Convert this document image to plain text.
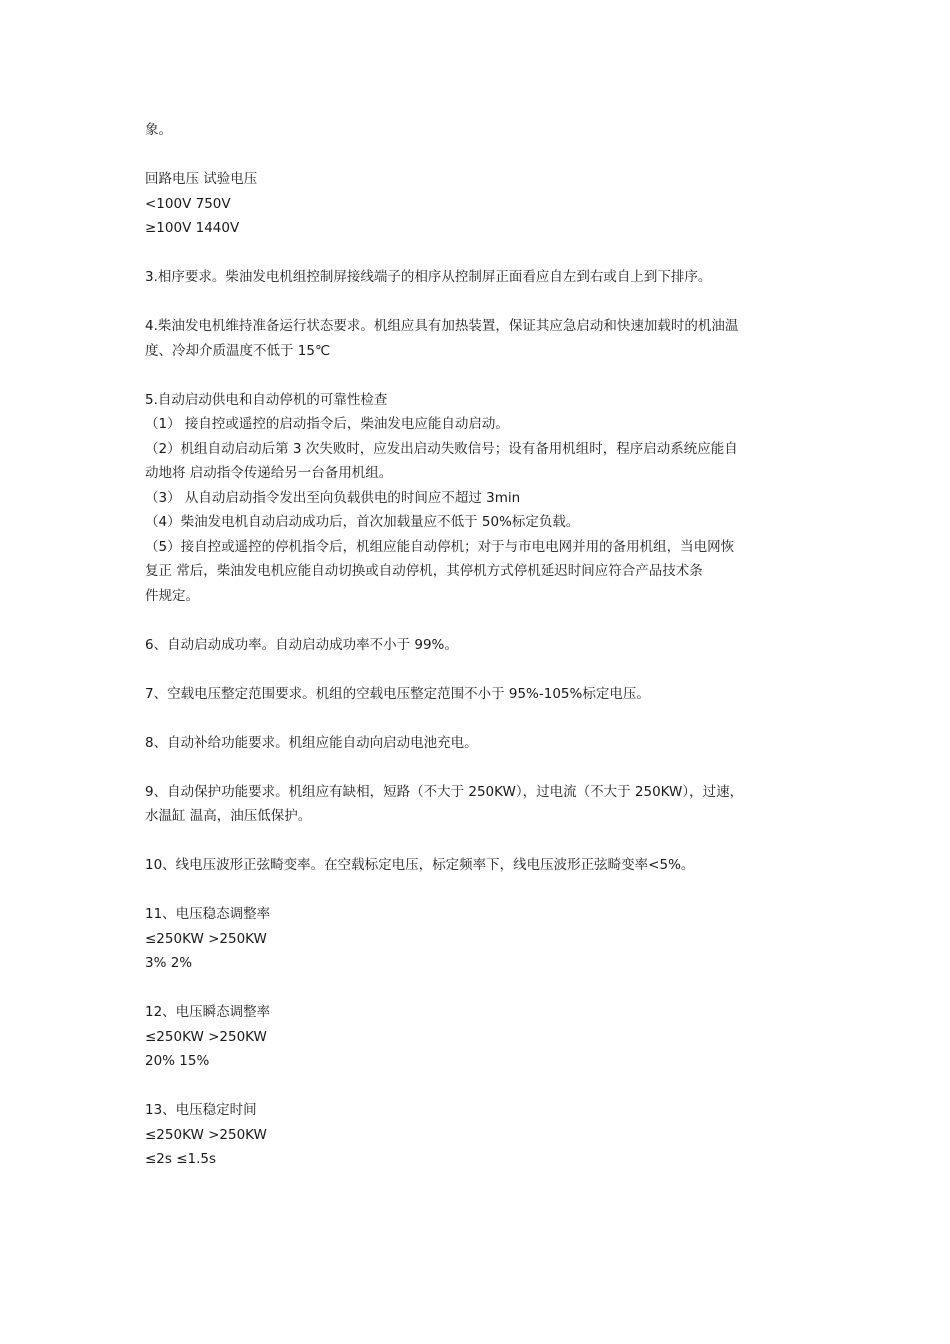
象。
回路电压 试验电压
<100V 750V
≥100V 1440V
3.相序要求。柴油发电机组控制屏接线端子的相序从控制屏正面看应自左到右或自上到下排序。
4.柴油发电机维持准备运行状态要求。机组应具有加热装置，保证其应急启动和快速加载时的机油温
度、冷却介质温度不低于 15℃
5.自动启动供电和自动停机的可靠性检查
（1） 接自控或遥控的启动指令后，柴油发电应能自动启动。
（2）机组自动启动后第 3 次失败时，应发出启动失败信号；设有备用机组时，程序启动系统应能自
动地将 启动指令传递给另一台备用机组。
（3） 从自动启动指令发出至向负载供电的时间应不超过 3min
（4）柴油发电机自动启动成功后，首次加载量应不低于 50%标定负载。
（5）接自控或遥控的停机指令后，机组应能自动停机；对于与市电电网并用的备用机组，当电网恢
复正 常后，柴油发电机应能自动切换或自动停机，其停机方式停机延迟时间应符合产品技术条
件规定。
6、自动启动成功率。自动启动成功率不小于 99%。
7、空载电压整定范围要求。机组的空载电压整定范围不小于 95%-105%标定电压。
8、自动补给功能要求。机组应能自动向启动电池充电。
9、自动保护功能要求。机组应有缺相，短路（不大于 250KW），过电流（不大于 250KW），过速，
水温缸 温高，油压低保护。
10、线电压波形正弦畸变率。在空载标定电压，标定频率下，线电压波形正弦畸变率<5%。
11、电压稳态调整率
≤250KW >250KW
3% 2%
12、电压瞬态调整率
≤250KW >250KW
20% 15%
13、电压稳定时间
≤250KW >250KW
≤2s ≤1.5s
